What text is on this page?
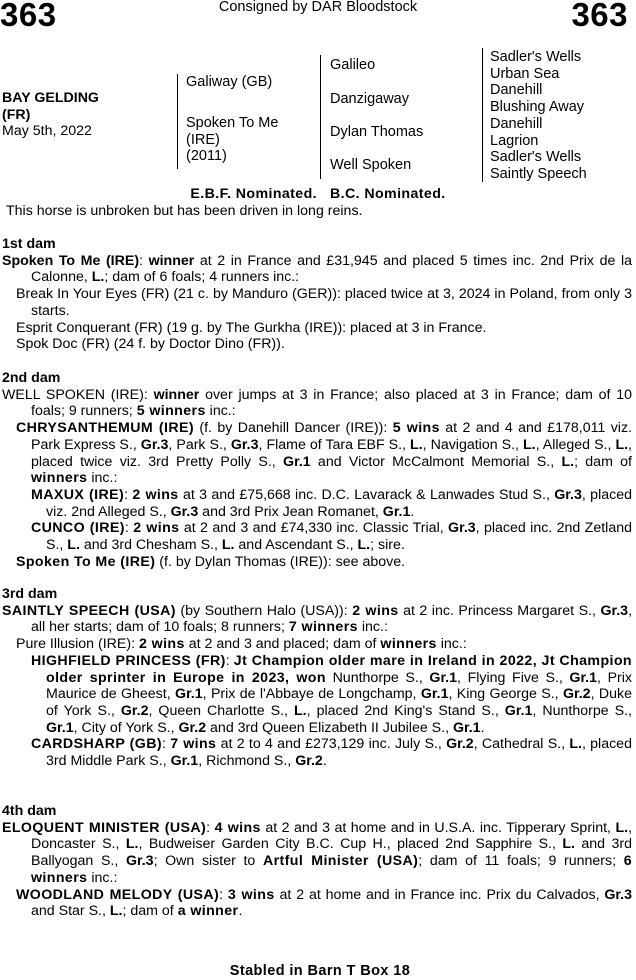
363	Consigned by DAR Bloodstock	363
BAY GELDING
(FR)
May 5th, 2022
Galiway (GB)
Spoken To Me
(IRE)
(2011)
Galileo
Danzigaway
Dylan Thomas
Well Spoken
Sadler's Wells
Urban Sea
Danehill
Blushing Away
Danehill
Lagrion
Sadler's Wells
Saintly Speech
E.B.F. Nominated.   B.C. Nominated.
This horse is unbroken but has been driven in long reins.

1st dam

Spoken To Me (IRE): winner at 2 in France and £31,945 and placed 5 times inc. 2nd Prix de la Calonne, L.; dam of 6 foals; 4 runners inc.:

Break In Your Eyes (FR) (21 c. by Manduro (GER)): placed twice at 3, 2024 in Poland, from only 3 starts.

Esprit Conquerant (FR) (19 g. by The Gurkha (IRE)): placed at 3 in France.

Spok Doc (FR) (24 f. by Doctor Dino (FR)).

2nd dam

WELL SPOKEN (IRE): winner over jumps at 3 in France; also placed at 3 in France; dam of 10 foals; 9 runners; 5 winners inc.:

CHRYSANTHEMUM (IRE) (f. by Danehill Dancer (IRE)): 5 wins at 2 and 4 and £178,011 viz. Park Express S., Gr.3, Park S., Gr.3, Flame of Tara EBF S., L., Navigation S., L., Alleged S., L., placed twice viz. 3rd Pretty Polly S., Gr.1 and Victor McCalmont Memorial S., L.; dam of winners inc.:

MAXUX (IRE): 2 wins at 3 and £75,668 inc. D.C. Lavarack & Lanwades Stud S., Gr.3, placed viz. 2nd Alleged S., Gr.3 and 3rd Prix Jean Romanet, Gr.1.

CUNCO (IRE): 2 wins at 2 and 3 and £74,330 inc. Classic Trial, Gr.3, placed inc. 2nd Zetland S., L. and 3rd Chesham S., L. and Ascendant S., L.; sire.

Spoken To Me (IRE) (f. by Dylan Thomas (IRE)): see above.

3rd dam

SAINTLY SPEECH (USA) (by Southern Halo (USA)): 2 wins at 2 inc. Princess Margaret S., Gr.3, all her starts; dam of 10 foals; 8 runners; 7 winners inc.:

Pure Illusion (IRE): 2 wins at 2 and 3 and placed; dam of winners inc.:

HIGHFIELD PRINCESS (FR): Jt Champion older mare in Ireland in 2022, Jt Champion older sprinter in Europe in 2023, won Nunthorpe S., Gr.1, Flying Five S., Gr.1, Prix Maurice de Gheest, Gr.1, Prix de l'Abbaye de Longchamp, Gr.1, King George S., Gr.2, Duke of York S., Gr.2, Queen Charlotte S., L., placed 2nd King's Stand S., Gr.1, Nunthorpe S., Gr.1, City of York S., Gr.2 and 3rd Queen Elizabeth II Jubilee S., Gr.1.

CARDSHARP (GB): 7 wins at 2 to 4 and £273,129 inc. July S., Gr.2, Cathedral S., L., placed 3rd Middle Park S., Gr.1, Richmond S., Gr.2.

4th dam

ELOQUENT MINISTER (USA): 4 wins at 2 and 3 at home and in U.S.A. inc. Tipperary Sprint, L., Doncaster S., L., Budweiser Garden City B.C. Cup H., placed 2nd Sapphire S., L. and 3rd Ballyogan S., Gr.3; Own sister to Artful Minister (USA); dam of 11 foals; 9 runners; 6 winners inc.:

WOODLAND MELODY (USA): 3 wins at 2 at home and in France inc. Prix du Calvados, Gr.3 and Star S., L.; dam of a winner.

Stabled in Barn T Box 18
